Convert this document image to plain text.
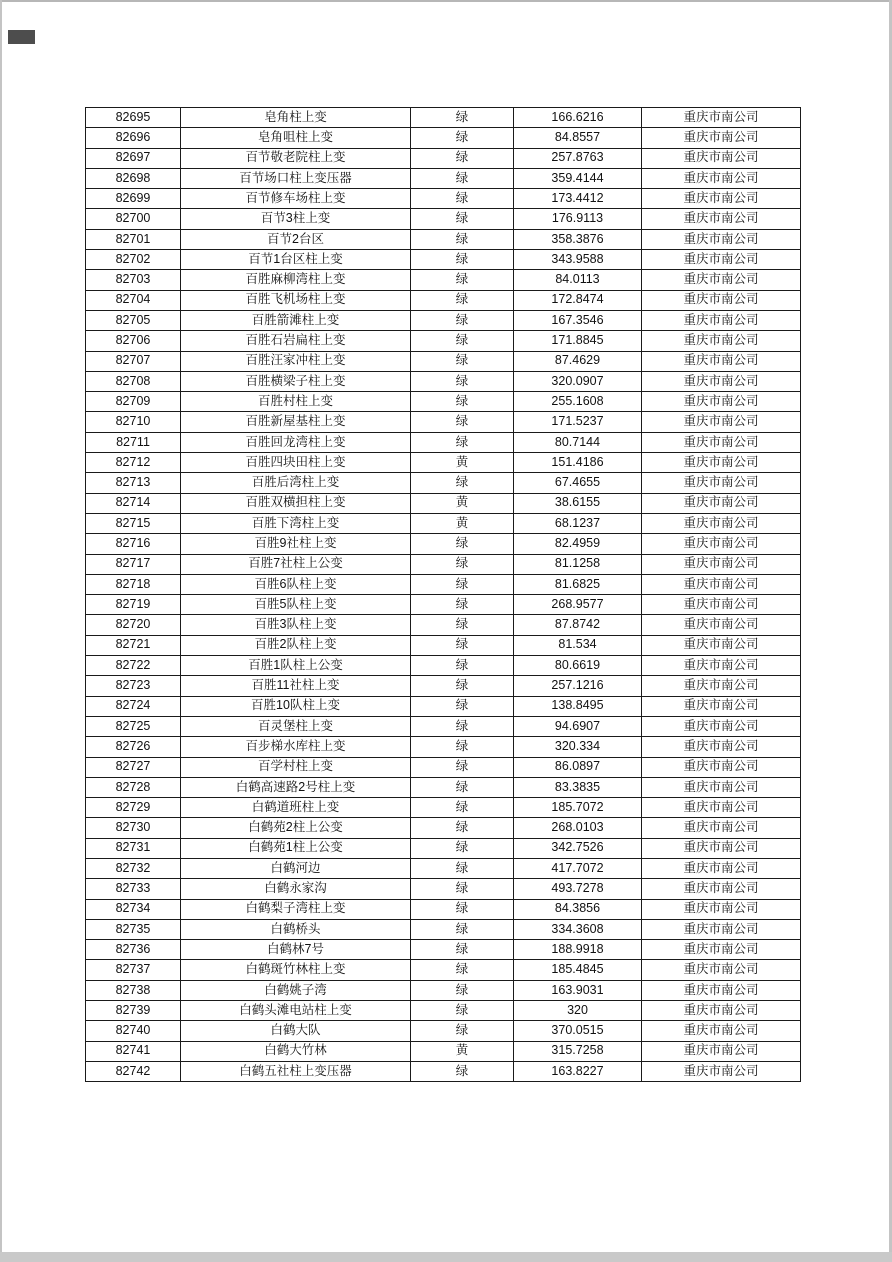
82695	皂角柱上变	绿	166.6216	重庆市南公司
82696	皂角咀柱上变	绿	84.8557	重庆市南公司
82697	百节敬老院柱上变	绿	257.8763	重庆市南公司
82698	百节场口柱上变压器	绿	359.4144	重庆市南公司
82699	百节修车场柱上变	绿	173.4412	重庆市南公司
82700	百节3柱上变	绿	176.9113	重庆市南公司
82701	百节2台区	绿	358.3876	重庆市南公司
82702	百节1台区柱上变	绿	343.9588	重庆市南公司
82703	百胜麻柳湾柱上变	绿	84.0113	重庆市南公司
82704	百胜飞机场柱上变	绿	172.8474	重庆市南公司
82705	百胜箭滩柱上变	绿	167.3546	重庆市南公司
82706	百胜石岩扁柱上变	绿	171.8845	重庆市南公司
82707	百胜汪家冲柱上变	绿	87.4629	重庆市南公司
82708	百胜横梁子柱上变	绿	320.0907	重庆市南公司
82709	百胜村柱上变	绿	255.1608	重庆市南公司
82710	百胜新屋基柱上变	绿	171.5237	重庆市南公司
82711	百胜回龙湾柱上变	绿	80.7144	重庆市南公司
82712	百胜四块田柱上变	黄	151.4186	重庆市南公司
82713	百胜后湾柱上变	绿	67.4655	重庆市南公司
82714	百胜双横担柱上变	黄	38.6155	重庆市南公司
82715	百胜下湾柱上变	黄	68.1237	重庆市南公司
82716	百胜9社柱上变	绿	82.4959	重庆市南公司
82717	百胜7社柱上公变	绿	81.1258	重庆市南公司
82718	百胜6队柱上变	绿	81.6825	重庆市南公司
82719	百胜5队柱上变	绿	268.9577	重庆市南公司
82720	百胜3队柱上变	绿	87.8742	重庆市南公司
82721	百胜2队柱上变	绿	81.534	重庆市南公司
82722	百胜1队柱上公变	绿	80.6619	重庆市南公司
82723	百胜11社柱上变	绿	257.1216	重庆市南公司
82724	百胜10队柱上变	绿	138.8495	重庆市南公司
82725	百灵堡柱上变	绿	94.6907	重庆市南公司
82726	百步梯水库柱上变	绿	320.334	重庆市南公司
82727	百学村柱上变	绿	86.0897	重庆市南公司
82728	白鹤高速路2号柱上变	绿	83.3835	重庆市南公司
82729	白鹤道班柱上变	绿	185.7072	重庆市南公司
82730	白鹤苑2柱上公变	绿	268.0103	重庆市南公司
82731	白鹤苑1柱上公变	绿	342.7526	重庆市南公司
82732	白鹤河边	绿	417.7072	重庆市南公司
82733	白鹤永家沟	绿	493.7278	重庆市南公司
82734	白鹤梨子湾柱上变	绿	84.3856	重庆市南公司
82735	白鹤桥头	绿	334.3608	重庆市南公司
82736	白鹤林7号	绿	188.9918	重庆市南公司
82737	白鹤斑竹林柱上变	绿	185.4845	重庆市南公司
82738	白鹤姚子湾	绿	163.9031	重庆市南公司
82739	白鹤头滩电站柱上变	绿	320	重庆市南公司
82740	白鹤大队	绿	370.0515	重庆市南公司
82741	白鹤大竹林	黄	315.7258	重庆市南公司
82742	白鹤五社柱上变压器	绿	163.8227	重庆市南公司
